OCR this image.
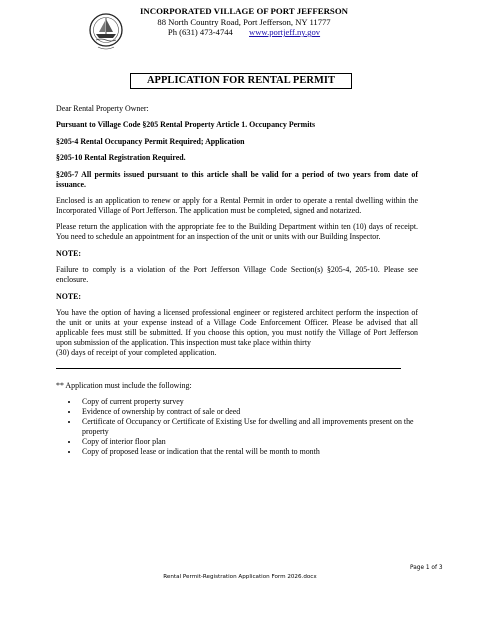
INCORPORATED VILLAGE OF PORT JEFFERSON
88 North Country Road, Port Jefferson, NY 11777
Ph (631) 473-4744 www.portjeff.ny.gov
APPLICATION FOR RENTAL PERMIT

Dear Rental Property Owner:

Pursuant to Village Code §205 Rental Property Article 1. Occupancy Permits

§205-4 Rental Occupancy Permit Required; Application

§205-10 Rental Registration Required.

§205-7 All permits issued pursuant to this article shall be valid for a period of two years from date of issuance.

Enclosed is an application to renew or apply for a Rental Permit in order to operate a rental dwelling within the Incorporated Village of Port Jefferson. The application must be completed, signed and notarized.

Please return the application with the appropriate fee to the Building Department within ten (10) days of receipt. You need to schedule an appointment for an inspection of the unit or units with our Building Inspector.

NOTE:

Failure to comply is a violation of the Port Jefferson Village Code Section(s) §205-4, 205-10. Please see enclosure.

NOTE:

You have the option of having a licensed professional engineer or registered architect perform the inspection of the unit or units at your expense instead of a Village Code Enforcement Officer. Please be advised that all applicable fees must still be submitted. If you choose this option, you must notify the Village of Port Jefferson upon submission of the application. This inspection must take place within thirty
(30) days of receipt of your completed application.

** Application must include the following:

• Copy of current property survey
• Evidence of ownership by contract of sale or deed
• Certificate of Occupancy or Certificate of Existing Use for dwelling and all improvements present on the property
• Copy of interior floor plan
• Copy of proposed lease or indication that the rental will be month to month
Page 1 of 3
Rental Permit-Registration Application Form 2026.docx
